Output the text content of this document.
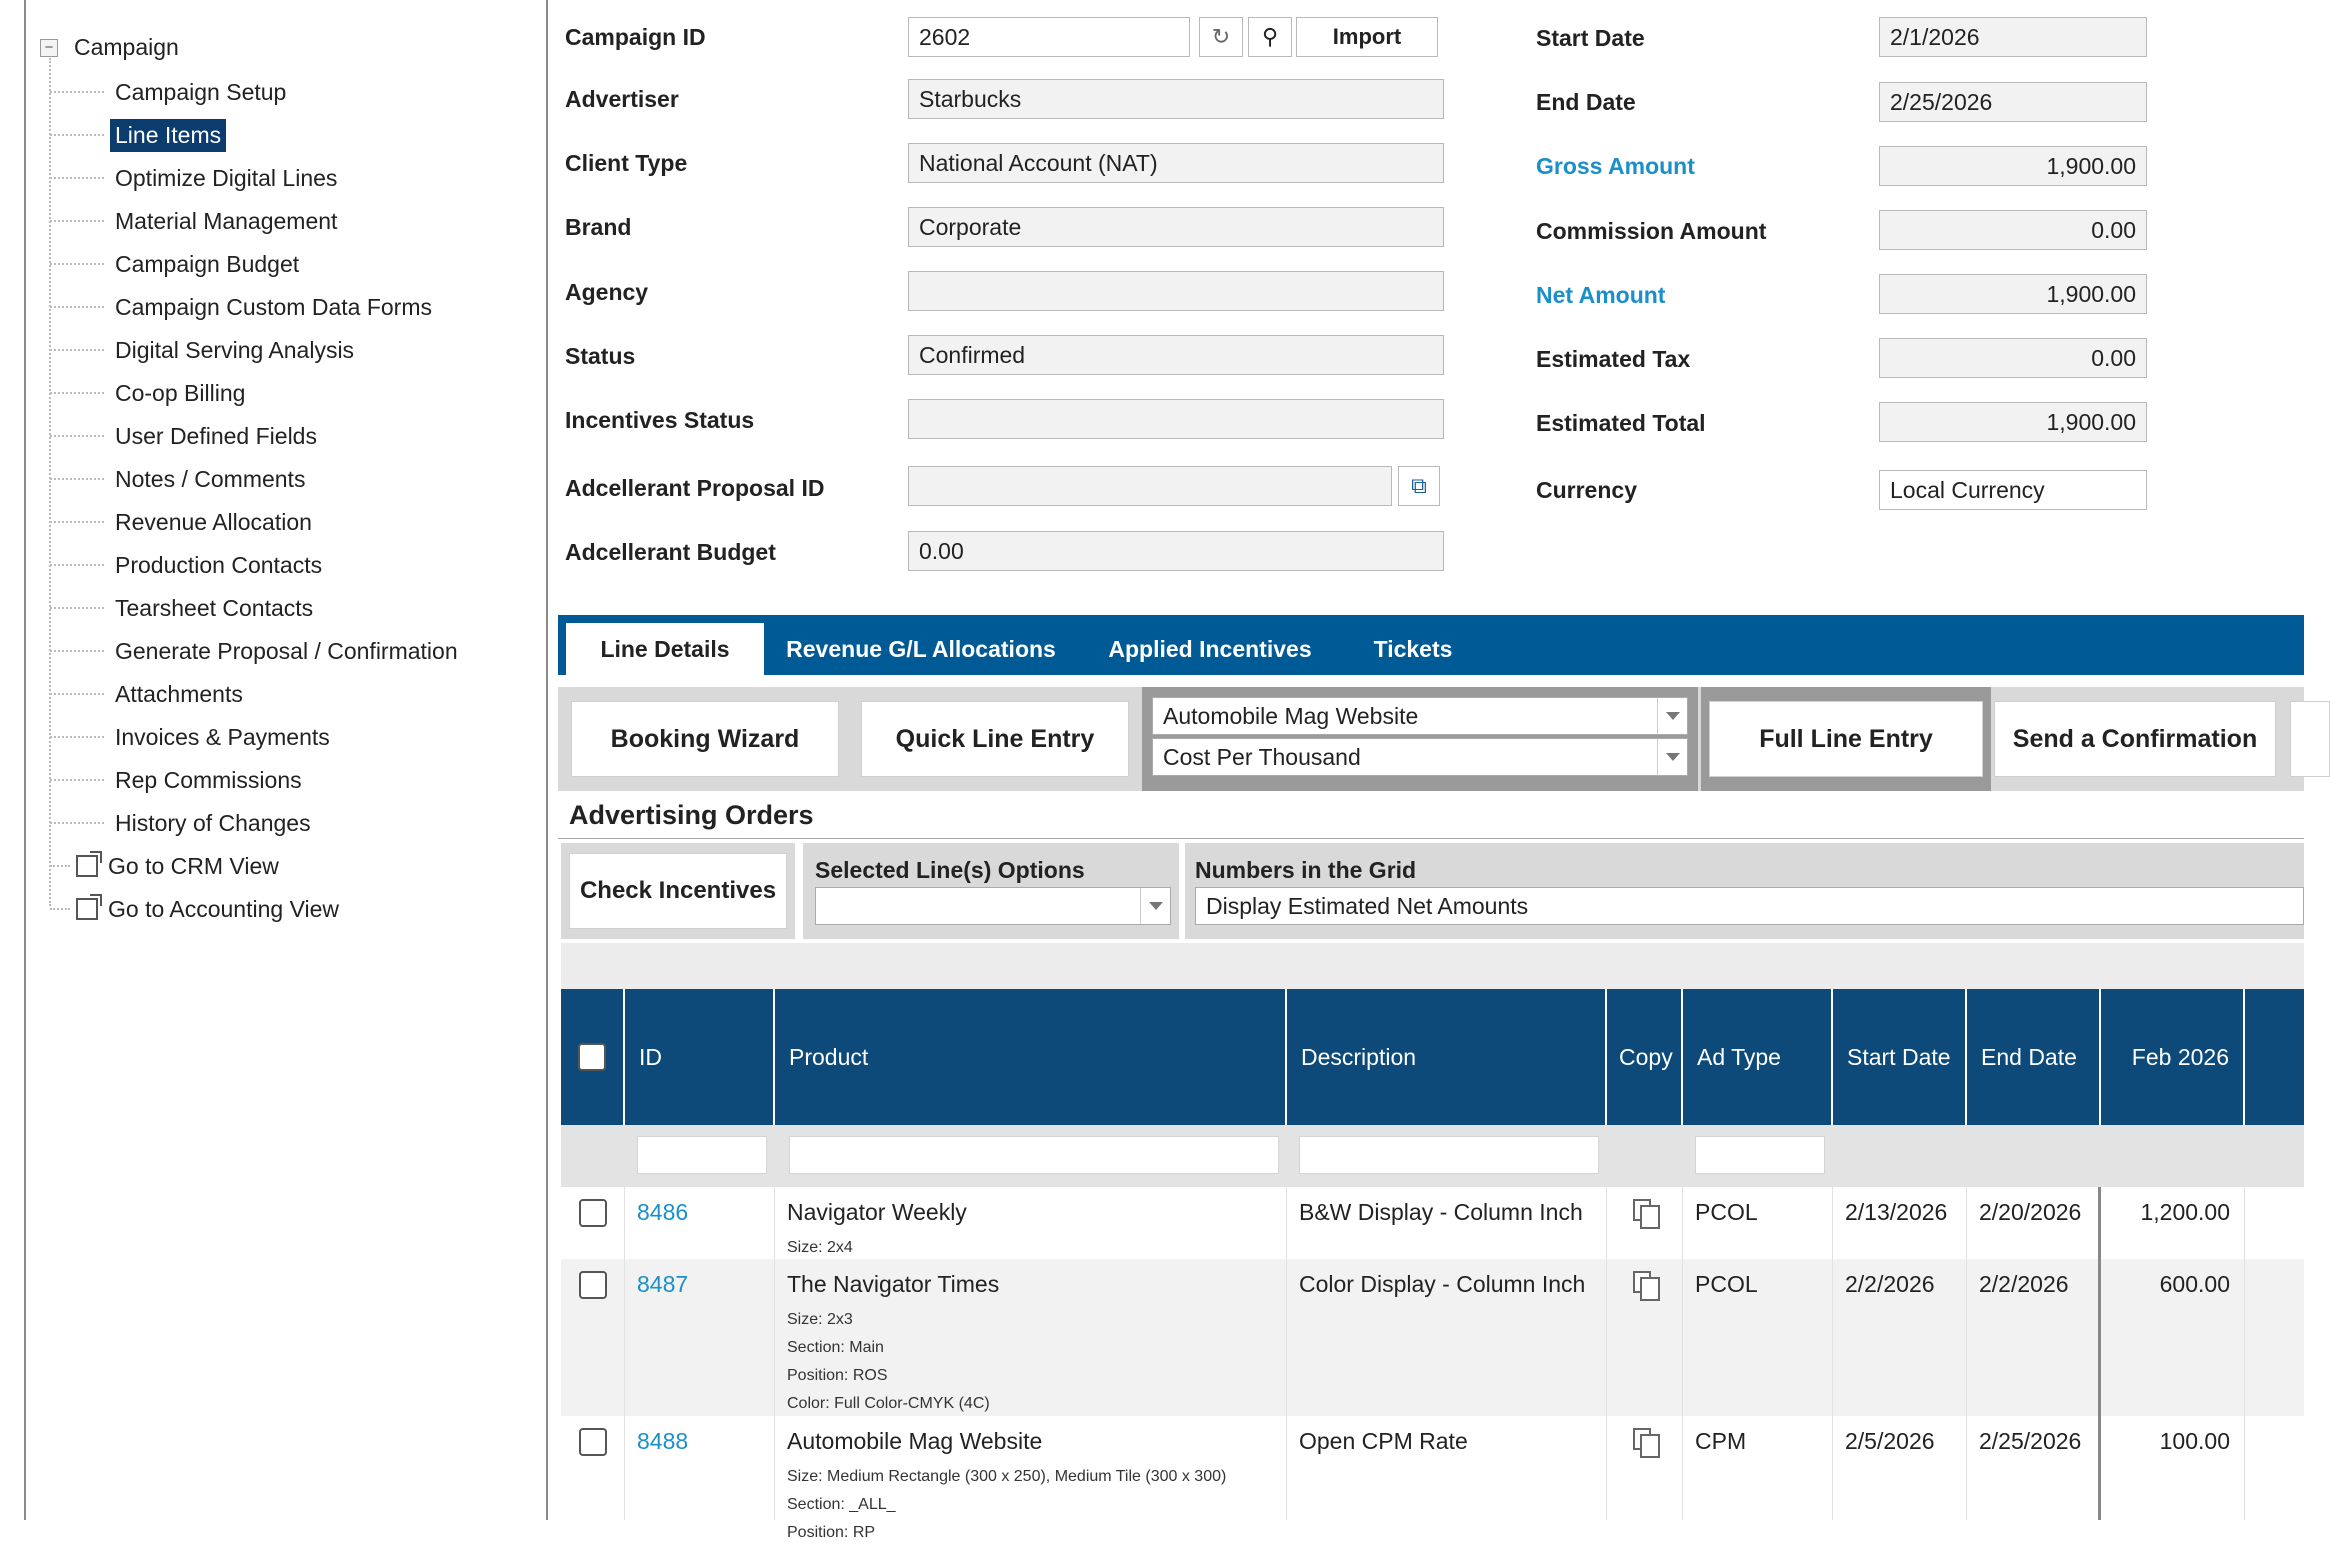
− Campaign
Campaign Setup
Line Items
Optimize Digital Lines
Material Management
Campaign Budget
Campaign Custom Data Forms
Digital Serving Analysis
Co-op Billing
User Defined Fields
Notes / Comments
Revenue Allocation
Production Contacts
Tearsheet Contacts
Generate Proposal / Confirmation
Attachments
Invoices & Payments
Rep Commissions
History of Changes
Go to CRM View
Go to Accounting View
Campaign ID	2602	↻	⚲	Import
Advertiser	Starbucks
Client Type	National Account (NAT)
Brand	Corporate
Agency
Status	Confirmed
Incentives Status
Adcellerant Proposal ID	⧉
Adcellerant Budget	0.00
Start Date	2/1/2026
End Date	2/25/2026
Gross Amount	1,900.00
Commission Amount	0.00
Net Amount	1,900.00
Estimated Tax	0.00
Estimated Total	1,900.00
Currency	Local Currency
Line Details	Revenue G/L Allocations	Applied Incentives	Tickets
Booking Wizard	Quick Line Entry
Automobile Mag Website
Cost Per Thousand
Full Line Entry	Send a Confirmation
Advertising Orders
Check Incentives
Selected Line(s) Options	Numbers in the Grid
Display Estimated Net Amounts
ID	Product	Description	Copy	Ad Type	Start Date	End Date	Feb 2026
8486	Navigator Weekly
Size: 2x4
B&W Display - Column Inch	PCOL	2/13/2026	2/20/2026	1,200.00
8487	The Navigator Times
Size: 2x3
Section: Main
Position: ROS
Color: Full Color-CMYK (4C)
Color Display - Column Inch	PCOL	2/2/2026	2/2/2026	600.00
8488	Automobile Mag Website
Size: Medium Rectangle (300 x 250), Medium Tile (300 x 300)
Section: _ALL_
Position: RP
Open CPM Rate	CPM	2/5/2026	2/25/2026	100.00
